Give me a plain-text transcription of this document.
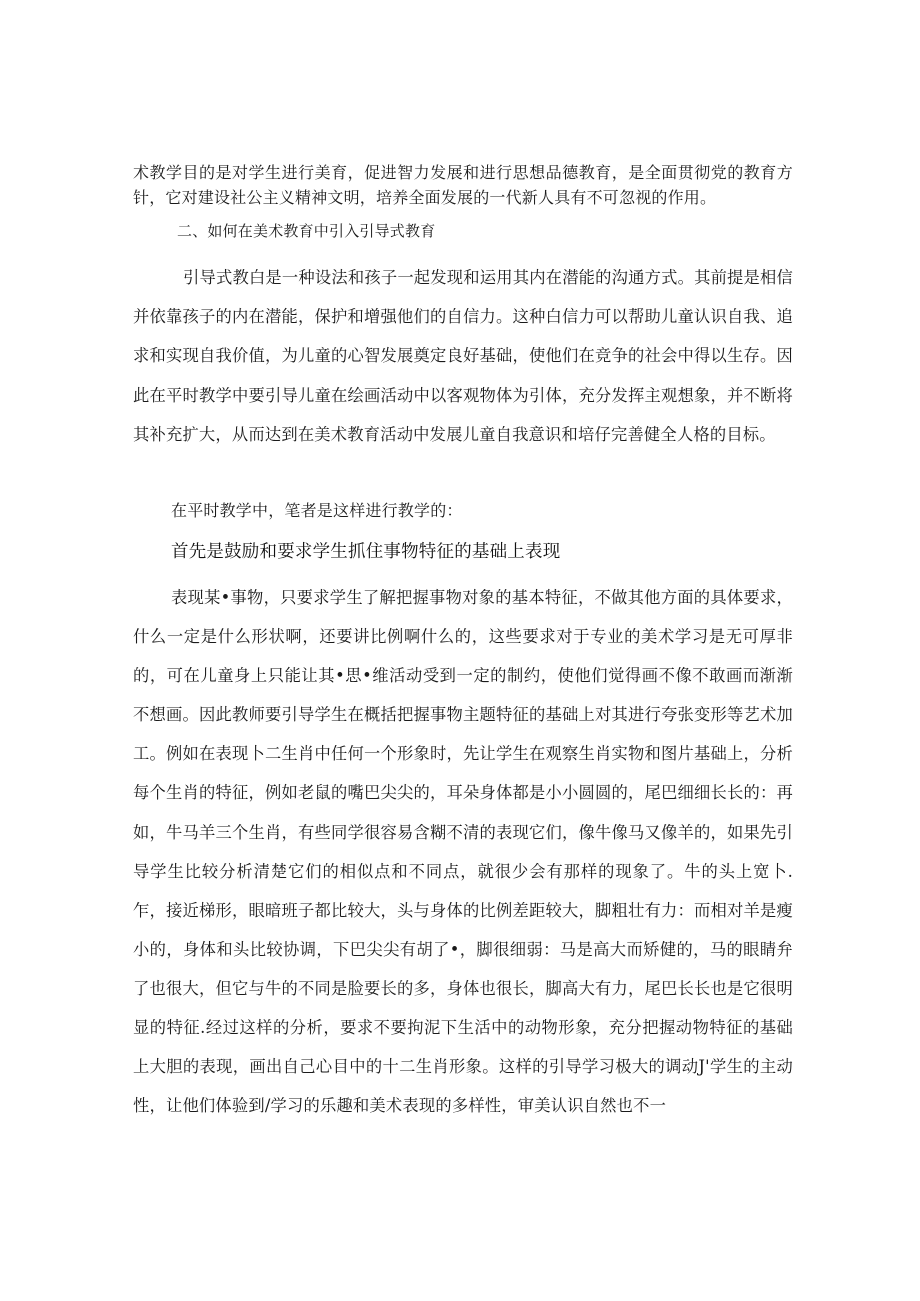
术教学目的是对学生进行美育，促进智力发展和进行思想品德教育，是全面贯彻党的教育方针，它对建设社公主义精神文明，培养全面发展的一代新人具有不可忽视的作用。

二、如何在美术教育中引入引导式教育

引导式教白是一种设法和孩子一起发现和运用其内在潜能的沟通方式。其前提是相信并依靠孩子的内在潜能，保护和增强他们的自信力。这种白信力可以帮助儿童认识自我、追求和实现自我价值，为儿童的心智发展奠定良好基础，使他们在竞争的社会中得以生存。因此在平时教学中要引导儿童在绘画活动中以客观物体为引体，充分发挥主观想象，并不断将其补充扩大，从而达到在美术教育活动中发展儿童自我意识和培仔完善健全人格的目标。

在平时教学中，笔者是这样进行教学的：

首先是鼓励和要求学生抓住事物特征的基础上表现

表现某•事物，只要求学生了解把握事物对象的基本特征，不做其他方面的具体要求，什么一定是什么形状啊，还要讲比例啊什么的，这些要求对于专业的美术学习是无可厚非的，可在儿童身上只能让其•思•维活动受到一定的制约，使他们觉得画不像不敢画而渐渐不想画。因此教师要引导学生在概括把握事物主题特征的基础上对其进行夸张变形等艺术加工。例如在表现卜二生肖中任何一个形象时，先让学生在观察生肖实物和图片基础上，分析每个生肖的特征，例如老鼠的嘴巴尖尖的，耳朵身体都是小小圆圆的，尾巴细细长长的：再如，牛马羊三个生肖，有些同学很容易含糊不清的表现它们，像牛像马又像羊的，如果先引导学生比较分析清楚它们的相似点和不同点，就很少会有那样的现象了。牛的头上宽卜.乍，接近梯形，眼暗班子都比较大，头与身体的比例差距较大，脚粗壮有力：而相对羊是瘦小的，身体和头比较协调，下巴尖尖有胡了•，脚很细弱：马是高大而矫健的，马的眼睛弁了也很大，但它与牛的不同是脸要长的多，身体也很长，脚高大有力，尾巴长长也是它很明显的特征.经过这样的分析，要求不要拘泥下生活中的动物形象，充分把握动物特征的基础上大胆的表现，画出自己心目中的十二生肖形象。这样的引导学习极大的调动J'学生的主动性，让他们体验到/学习的乐趣和美术表现的多样性，审美认识自然也不一
